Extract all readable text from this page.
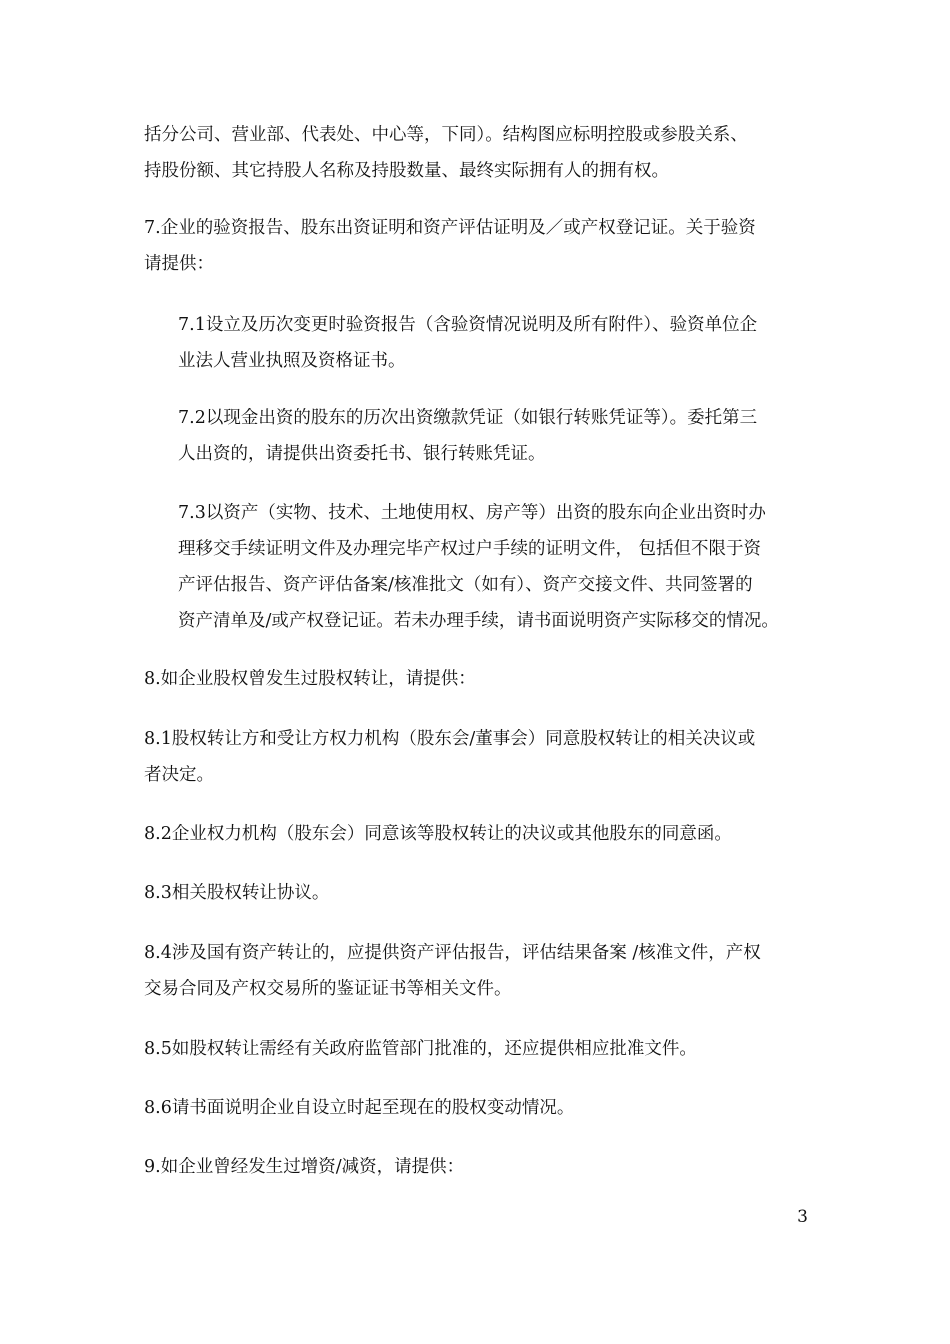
括分公司、营业部、代表处、中心等，下同）。结构图应标明控股或参股关系、
持股份额、其它持股人名称及持股数量、最终实际拥有人的拥有权。

7.企业的验资报告、股东出资证明和资产评估证明及／或产权登记证。关于验资
请提供：

7.1设立及历次变更时验资报告（含验资情况说明及所有附件）、验资单位企
业法人营业执照及资格证书。

7.2以现金出资的股东的历次出资缴款凭证（如银行转账凭证等）。委托第三
人出资的，请提供出资委托书、银行转账凭证。

7.3以资产（实物、技术、土地使用权、房产等）出资的股东向企业出资时办
理移交手续证明文件及办理完毕产权过户手续的证明文件， 包括但不限于资
产评估报告、资产评估备案/核准批文（如有）、资产交接文件、共同签署的
资产清单及/或产权登记证。若未办理手续，请书面说明资产实际移交的情况。

8.如企业股权曾发生过股权转让，请提供：

8.1股权转让方和受让方权力机构（股东会/董事会）同意股权转让的相关决议或
者决定。

8.2企业权力机构（股东会）同意该等股权转让的决议或其他股东的同意函。

8.3相关股权转让协议。

8.4涉及国有资产转让的，应提供资产评估报告，评估结果备案 /核准文件，产权
交易合同及产权交易所的鉴证证书等相关文件。

8.5如股权转让需经有关政府监管部门批准的，还应提供相应批准文件。

8.6请书面说明企业自设立时起至现在的股权变动情况。

9.如企业曾经发生过增资/减资，请提供：

3
